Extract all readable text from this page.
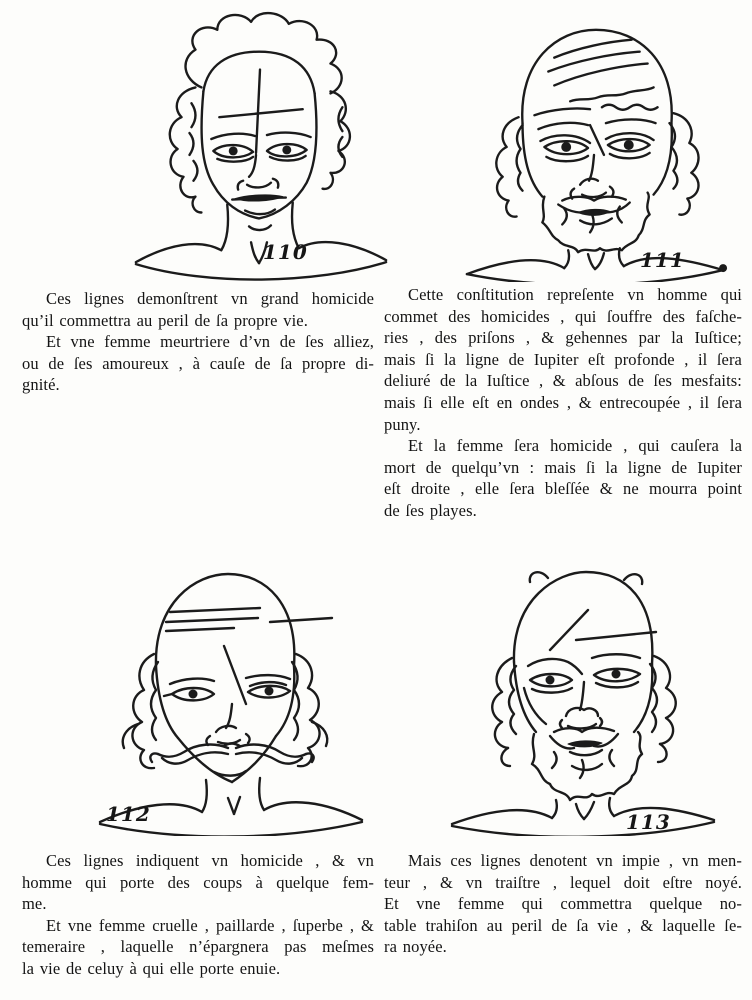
110	111
Ces lignes demonſtrent vn grand homicide
qu’il commettra au peril de ſa propre vie.
Et vne femme meurtriere d’vn de ſes alliez,
ou de ſes amoureux , à cauſe de ſa propre di-
gnité.
Cette conſtitution repreſente vn homme qui
commet des homicides , qui ſouffre des faſche-
ries , des priſons , & gehennes par la Iuſtice;
mais ſi la ligne de Iupiter eſt profonde , il ſera
deliuré de la Iuſtice , & abſous de ſes mesfaits:
mais ſi elle eſt en ondes , & entrecoupée , il ſera
puny.
Et la femme ſera homicide , qui cauſera la
mort de quelqu’vn : mais ſi la ligne de Iupiter
eſt droite , elle ſera bleſſée & ne mourra point
de ſes playes.
112	113
Ces lignes indiquent vn homicide , & vn
homme qui porte des coups à quelque fem-
me.
Et vne femme cruelle , paillarde , ſuperbe , &
temeraire , laquelle n’épargnera pas meſmes
la vie de celuy à qui elle porte enuie.
Mais ces lignes denotent vn impie , vn men-
teur , & vn traiſtre , lequel doit eſtre noyé.
Et vne femme qui commettra quelque no-
table trahiſon au peril de ſa vie , & laquelle ſe-
ra noyée.
